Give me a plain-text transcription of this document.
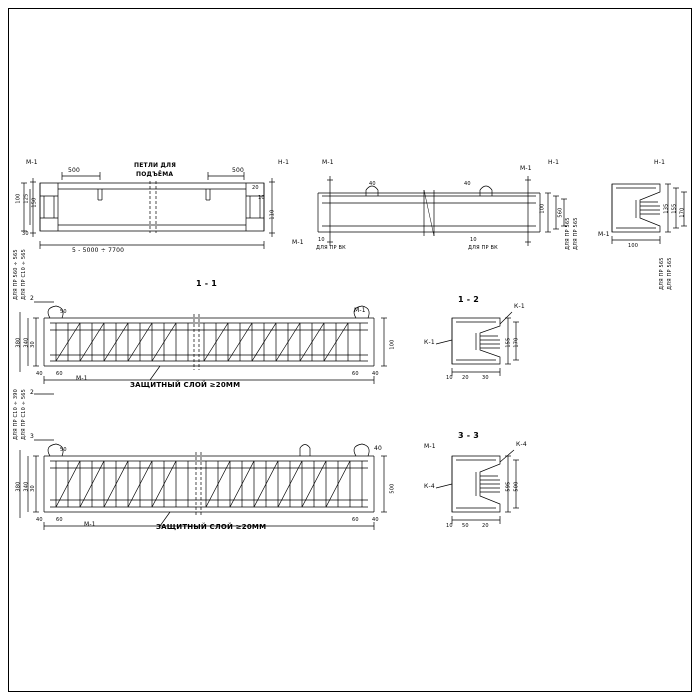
М-1
500
ПЕТЛИ ДЛЯ
ПОДЪЁМА
500
Н-1
5 - 5000 ÷ 7700
20
100 125 150
30
110
10
ДЛЯ ПР 560 ÷ 565 ДЛЯ ПР С10 ÷ 565
ДЛЯ ПР С10 ÷ 390 ДЛЯ ПР С10 ÷ 565
М-1	Н-1
М-1
40	40
М-1	10
ДЛЯ ПР ВК
10
ДЛЯ ПР ВК
100 560
ДЛЯ ПР 565 ДЛЯ ПР 565
Н-1
М-1
135 155 170
100
ДЛЯ ПР 565 ДЛЯ ПР 565
1 - 1
2
2
М-1
50
380 340 30	100
60	40
40	60
М-1
ЗАЩИТНЫЙ СЛОЙ ≥20ММ
1 - 2
К-1
К-1	155 170
10 20	30
3
40
50
380 340 30	500
40	60
М-1	ЗАЩИТНЫЙ СЛОЙ ≥20ММ
60	40
3 - 3
К-4
М-1
К-4	595 500
10 50	20
